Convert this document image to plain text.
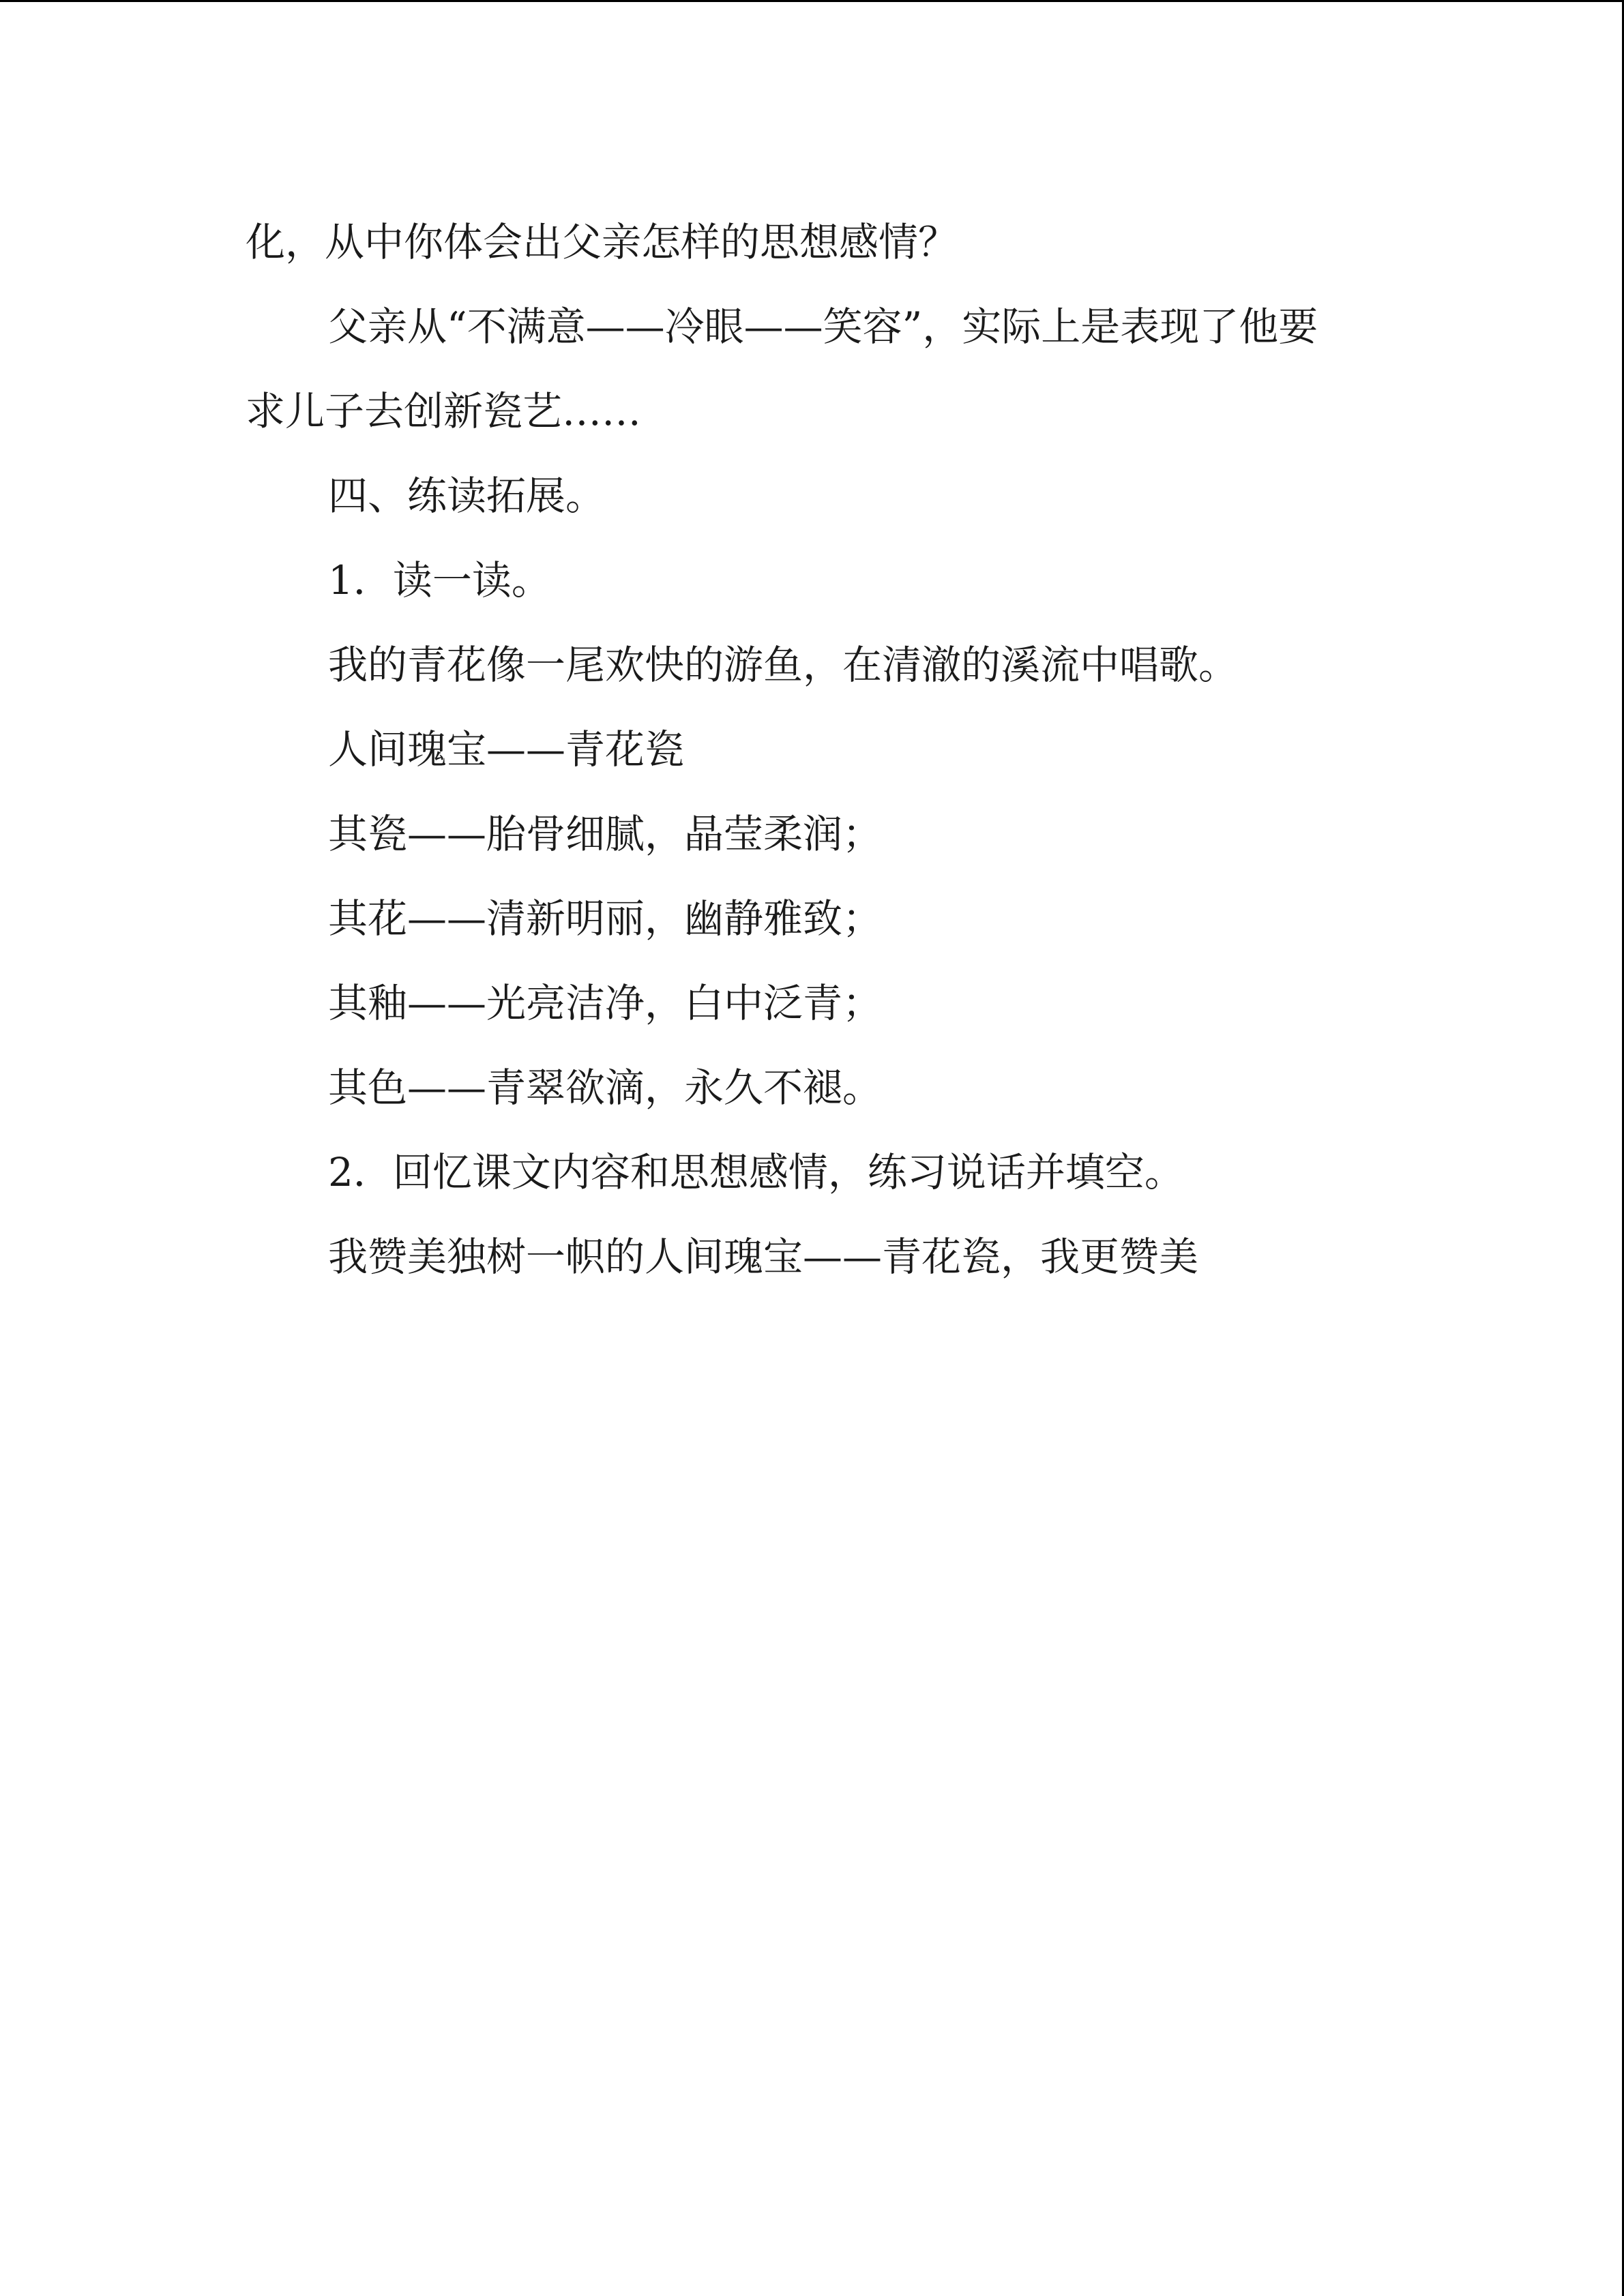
化，从中你体会出父亲怎样的思想感情？

父亲从“不满意——冷眼——笑容”，实际上是表现了他要

求儿子去创新瓷艺……

四、练读拓展。

1．读一读。

我的青花像一尾欢快的游鱼，在清澈的溪流中唱歌。

人间瑰宝——青花瓷

其瓷——胎骨细腻，晶莹柔润；

其花——清新明丽，幽静雅致；

其釉——光亮洁净，白中泛青；

其色——青翠欲滴，永久不褪。

2．回忆课文内容和思想感情，练习说话并填空。

我赞美独树一帜的人间瑰宝——青花瓷，我更赞美
